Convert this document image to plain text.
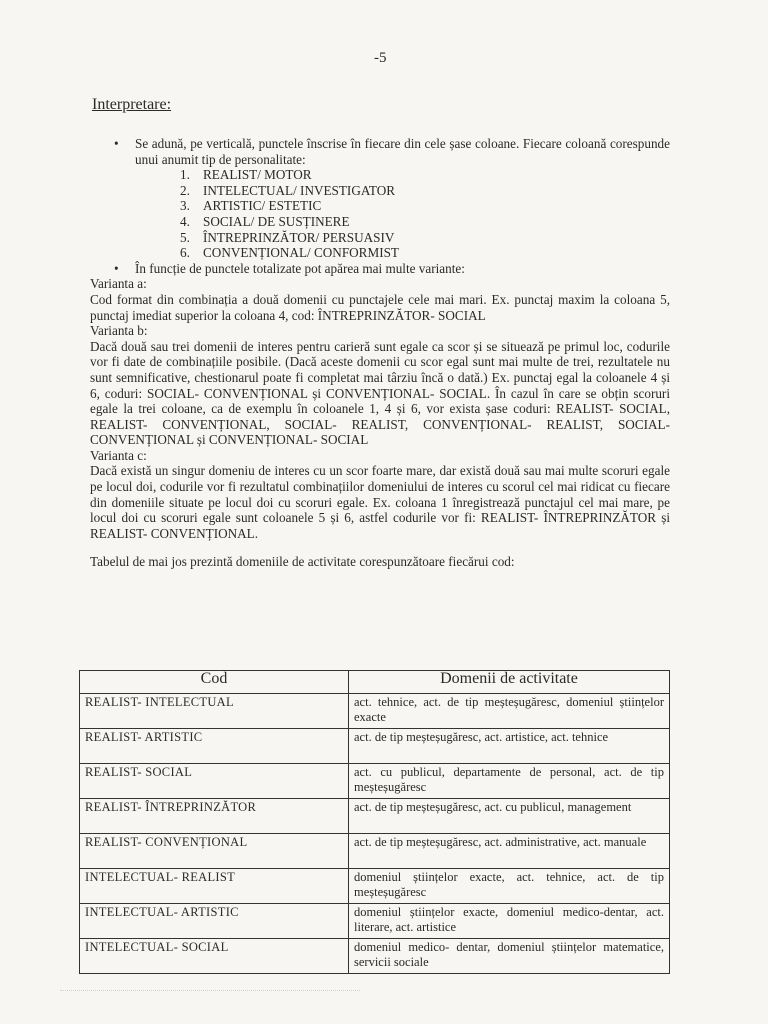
-5
Interpretare:
• Se adună, pe verticală, punctele înscrise în fiecare din cele șase coloane. Fiecare coloană corespunde unui anumit tip de personalitate:
1. REALIST/ MOTOR
2. INTELECTUAL/ INVESTIGATOR
3. ARTISTIC/ ESTETIC
4. SOCIAL/ DE SUSȚINERE
5. ÎNTREPRINZĂTOR/ PERSUASIV
6. CONVENȚIONAL/ CONFORMIST
• În funcție de punctele totalizate pot apărea mai multe variante:
Varianta a:
Cod format din combinația a două domenii cu punctajele cele mai mari. Ex. punctaj maxim la coloana 5, punctaj imediat superior la coloana 4, cod: ÎNTREPRINZĂTOR- SOCIAL
Varianta b:
Dacă două sau trei domenii de interes pentru carieră sunt egale ca scor și se situează pe primul loc, codurile vor fi date de combinațiile posibile. (Dacă aceste domenii cu scor egal sunt mai multe de trei, rezultatele nu sunt semnificative, chestionarul poate fi completat mai târziu încă o dată.) Ex. punctaj egal la coloanele 4 și 6, coduri: SOCIAL- CONVENȚIONAL și CONVENȚIONAL- SOCIAL. În cazul în care se obțin scoruri egale la trei coloane, ca de exemplu în coloanele 1, 4 și 6, vor exista șase coduri: REALIST- SOCIAL, REALIST- CONVENȚIONAL, SOCIAL- REALIST, CONVENȚIONAL- REALIST, SOCIAL- CONVENȚIONAL și CONVENȚIONAL- SOCIAL
Varianta c:
Dacă există un singur domeniu de interes cu un scor foarte mare, dar există două sau mai multe scoruri egale pe locul doi, codurile vor fi rezultatul combinațiilor domeniului de interes cu scorul cel mai ridicat cu fiecare din domeniile situate pe locul doi cu scoruri egale. Ex. coloana 1 înregistrează punctajul cel mai mare, pe locul doi cu scoruri egale sunt coloanele 5 și 6, astfel codurile vor fi: REALIST- ÎNTREPRINZĂTOR și REALIST- CONVENȚIONAL.
Tabelul de mai jos prezintă domeniile de activitate corespunzătoare fiecărui cod:
Cod	Domenii de activitate
REALIST- INTELECTUAL	act. tehnice, act. de tip meșteșugăresc, domeniul științelor exacte
REALIST- ARTISTIC	act. de tip meșteșugăresc, act. artistice, act. tehnice
REALIST- SOCIAL	act. cu publicul, departamente de personal, act. de tip meșteșugăresc
REALIST- ÎNTREPRINZĂTOR	act. de tip meșteșugăresc, act. cu publicul, management
REALIST- CONVENȚIONAL	act. de tip meșteșugăresc, act. administrative, act. manuale
INTELECTUAL- REALIST	domeniul științelor exacte, act. tehnice, act. de tip meșteșugăresc
INTELECTUAL- ARTISTIC	domeniul științelor exacte, domeniul medico-dentar, act. literare, act. artistice
INTELECTUAL- SOCIAL	domeniul medico- dentar, domeniul științelor matematice, servicii sociale
